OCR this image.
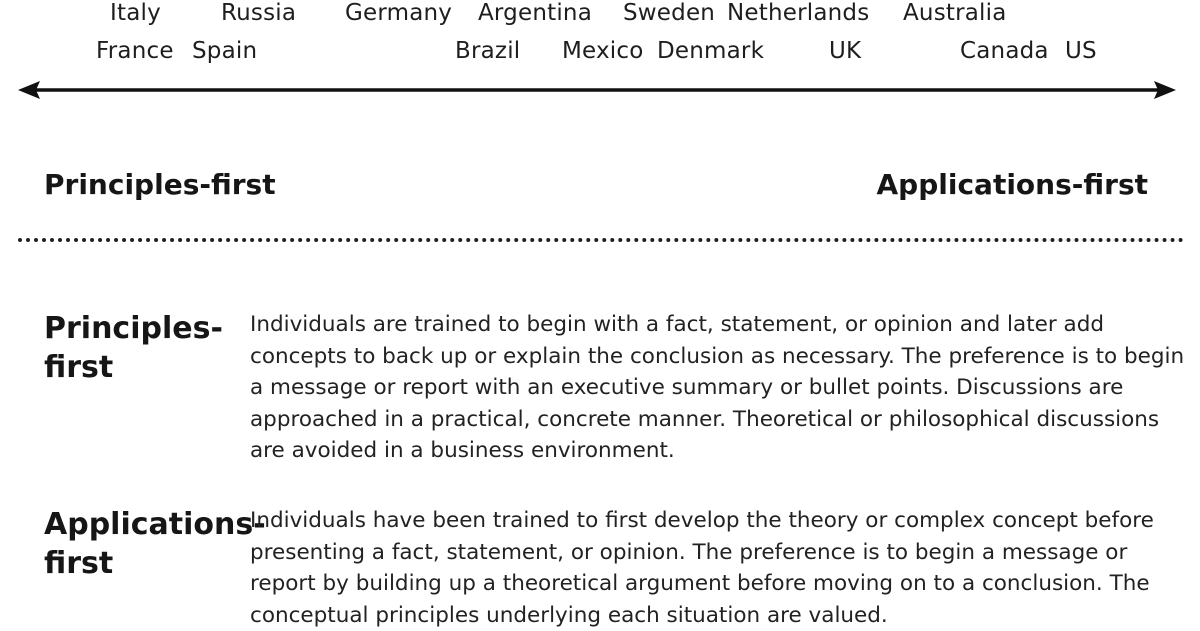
Italy	Russia Germany Argentina Sweden Netherlands Australia
France Spain	Brazil Mexico Denmark	UK	Canada US
Principles-first	Applications-first
Principles-first
Individuals are trained to begin with a fact, statement, or opinion and later add concepts to back up or explain the conclusion as necessary. The preference is to begin a message or report with an executive summary or bullet points. Discussions are approached in a practical, concrete manner. Theoretical or philosophical discussions are avoided in a business environment.
Applications-first
Individuals have been trained to first develop the theory or complex concept before presenting a fact, statement, or opinion. The preference is to begin a message or report by building up a theoretical argument before moving on to a conclusion. The conceptual principles underlying each situation are valued.
